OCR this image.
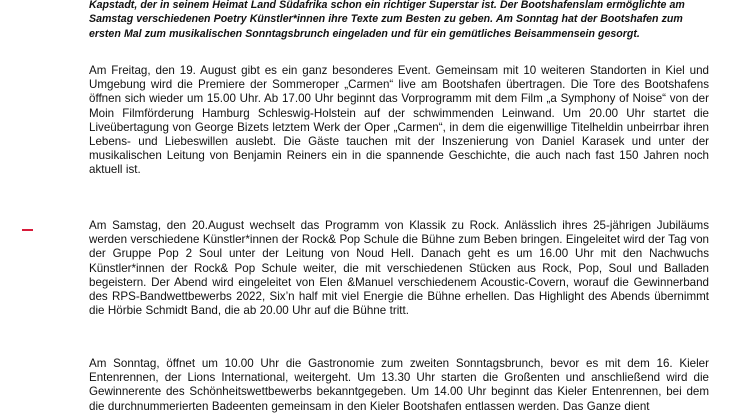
Kapstadt, der in seinem Heimat Land Südafrika schon ein richtiger Superstar ist. Der Bootshafenslam ermöglichte am Samstag verschiedenen Poetry Künstler*innen ihre Texte zum Besten zu geben. Am Sonntag hat der Bootshafen zum ersten Mal zum musikalischen Sonntagsbrunch eingeladen und für ein gemütliches Beisammensein gesorgt.

Am Freitag, den 19. August gibt es ein ganz besonderes Event. Gemeinsam mit 10 weiteren Standorten in Kiel und Umgebung wird die Premiere der Sommeroper „Carmen“ live am Bootshafen übertragen. Die Tore des Bootshafens öffnen sich wieder um 15.00 Uhr. Ab 17.00 Uhr beginnt das Vorprogramm mit dem Film „a Symphony of Noise“ von der Moin Filmförderung Hamburg Schleswig-Holstein auf der schwimmenden Leinwand. Um 20.00 Uhr startet die Liveübertagung von George Bizets letztem Werk der Oper „Carmen“, in dem die eigenwillige Titelheldin unbeirrbar ihren Lebens- und Liebeswillen auslebt. Die Gäste tauchen mit der Inszenierung von Daniel Karasek und unter der musikalischen Leitung von Benjamin Reiners ein in die spannende Geschichte, die auch nach fast 150 Jahren noch aktuell ist.

Am Samstag, den 20.August wechselt das Programm von Klassik zu Rock. Anlässlich ihres 25-jährigen Jubiläums werden verschiedene Künstler*innen der Rock& Pop Schule die Bühne zum Beben bringen. Eingeleitet wird der Tag von der Gruppe Pop 2 Soul unter der Leitung von Noud Hell. Danach geht es um 16.00 Uhr mit den Nachwuchs Künstler*innen der Rock& Pop Schule weiter, die mit verschiedenen Stücken aus Rock, Pop, Soul und Balladen begeistern. Der Abend wird eingeleitet von Elen &Manuel verschiedenem Acoustic-Covern, worauf die Gewinnerband des RPS-Bandwettbewerbs 2022, Six’n half mit viel Energie die Bühne erhellen. Das Highlight des Abends übernimmt die Hörbie Schmidt Band, die ab 20.00 Uhr auf die Bühne tritt.

Am Sonntag, öffnet um 10.00 Uhr die Gastronomie zum zweiten Sonntagsbrunch, bevor es mit dem 16. Kieler Entenrennen, der Lions International, weitergeht. Um 13.30 Uhr starten die Großenten und anschließend wird die Gewinnerente des Schönheitswettbewerbs bekanntgegeben. Um 14.00 Uhr beginnt das Kieler Entenrennen, bei dem die durchnummerierten Badeenten gemeinsam in den Kieler Bootshafen entlassen werden. Das Ganze dient
